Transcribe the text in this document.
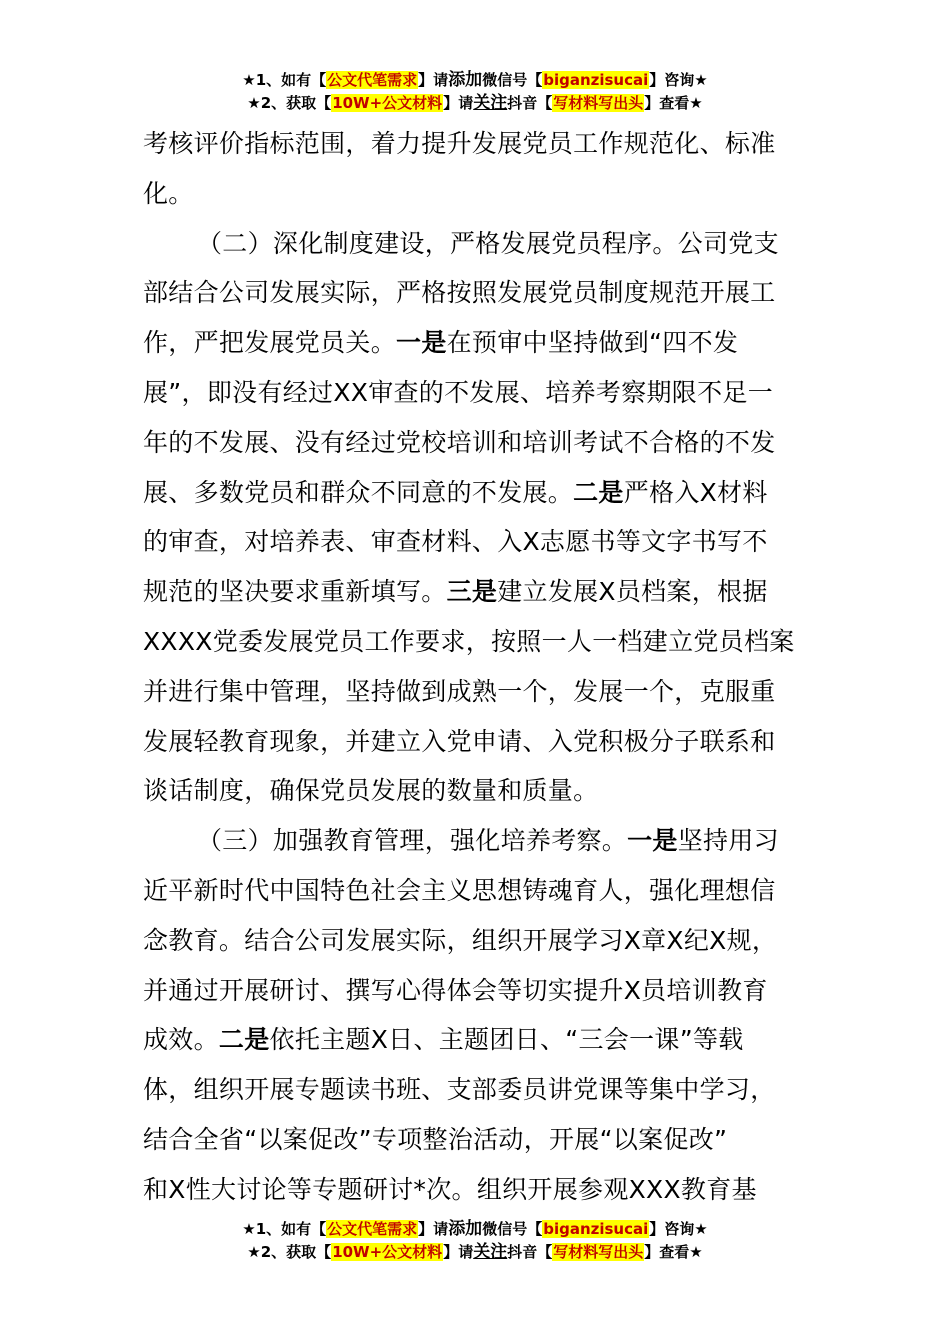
★1、如有【公文代笔需求】请添加微信号【biganzisucai】咨询★
★2、获取【10W+公文材料】请关注抖音【写材料写出头】查看★
考核评价指标范围，着力提升发展党员工作规范化、标准
化。
（二）深化制度建设，严格发展党员程序。公司党支
部结合公司发展实际，严格按照发展党员制度规范开展工
作，严把发展党员关。一是在预审中坚持做到“四不发
展”，即没有经过XX审查的不发展、培养考察期限不足一
年的不发展、没有经过党校培训和培训考试不合格的不发
展、多数党员和群众不同意的不发展。二是严格入X材料
的审查，对培养表、审查材料、入X志愿书等文字书写不
规范的坚决要求重新填写。三是建立发展X员档案，根据
XXXX党委发展党员工作要求，按照一人一档建立党员档案
并进行集中管理，坚持做到成熟一个，发展一个，克服重
发展轻教育现象，并建立入党申请、入党积极分子联系和
谈话制度，确保党员发展的数量和质量。
（三）加强教育管理，强化培养考察。一是坚持用习
近平新时代中国特色社会主义思想铸魂育人，强化理想信
念教育。结合公司发展实际，组织开展学习X章X纪X规，
并通过开展研讨、撰写心得体会等切实提升X员培训教育
成效。二是依托主题X日、主题团日、“三会一课”等载
体，组织开展专题读书班、支部委员讲党课等集中学习，
结合全省“以案促改”专项整治活动，开展“以案促改”
和X性大讨论等专题研讨*次。组织开展参观XXX教育基
★1、如有【公文代笔需求】请添加微信号【biganzisucai】咨询★
★2、获取【10W+公文材料】请关注抖音【写材料写出头】查看★
